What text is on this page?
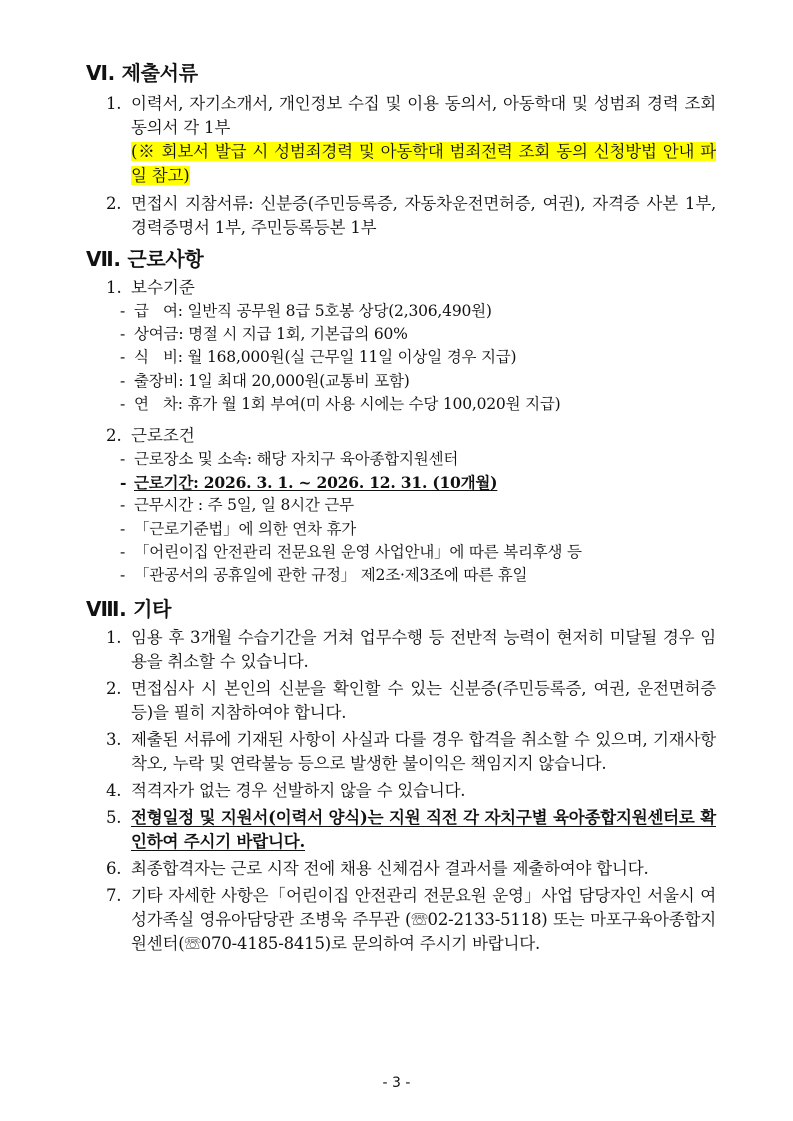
Ⅵ. 제출서류
1. 이력서, 자기소개서, 개인정보 수집 및 이용 동의서, 아동학대 및 성범죄 경력 조회 동의서 각 1부
(※ 회보서 발급 시 성범죄경력 및 아동학대 범죄전력 조회 동의 신청방법 안내 파일 참고)
2. 면접시 지참서류: 신분증(주민등록증, 자동차운전면허증, 여권), 자격증 사본 1부, 경력증명서 1부, 주민등록등본 1부
Ⅶ. 근로사항
1. 보수기준
- 급   여: 일반직 공무원 8급 5호봉 상당(2,306,490원)
- 상여금: 명절 시 지급 1회, 기본급의 60%
- 식   비: 월 168,000원(실 근무일 11일 이상일 경우 지급)
- 출장비: 1일 최대 20,000원(교통비 포함)
- 연   차: 휴가 월 1회 부여(미 사용 시에는 수당 100,020원 지급)
2. 근로조건
- 근로장소 및 소속: 해당 자치구 육아종합지원센터
- 근로기간: 2026. 3. 1. ~ 2026. 12. 31. (10개월)
- 근무시간 : 주 5일, 일 8시간 근무
- 「근로기준법」에 의한 연차 휴가
- 「어린이집 안전관리 전문요원 운영 사업안내」에 따른 복리후생 등
- 「관공서의 공휴일에 관한 규정」 제2조·제3조에 따른 휴일
Ⅷ. 기타
1. 임용 후 3개월 수습기간을 거쳐 업무수행 등 전반적 능력이 현저히 미달될 경우 임용을 취소할 수 있습니다.
2. 면접심사 시 본인의 신분을 확인할 수 있는 신분증(주민등록증, 여권, 운전면허증 등)을 필히 지참하여야 합니다.
3. 제출된 서류에 기재된 사항이 사실과 다를 경우 합격을 취소할 수 있으며, 기재사항 착오, 누락 및 연락불능 등으로 발생한 불이익은 책임지지 않습니다.
4. 적격자가 없는 경우 선발하지 않을 수 있습니다.
5. 전형일정 및 지원서(이력서 양식)는 지원 직전 각 자치구별 육아종합지원센터로 확인하여 주시기 바랍니다.
6. 최종합격자는 근로 시작 전에 채용 신체검사 결과서를 제출하여야 합니다.
7. 기타 자세한 사항은「어린이집 안전관리 전문요원 운영」사업 담당자인 서울시 여성가족실 영유아담당관 조병욱 주무관 (☏02-2133-5118) 또는 마포구육아종합지원센터(☏070-4185-8415)로 문의하여 주시기 바랍니다.
- 3 -
